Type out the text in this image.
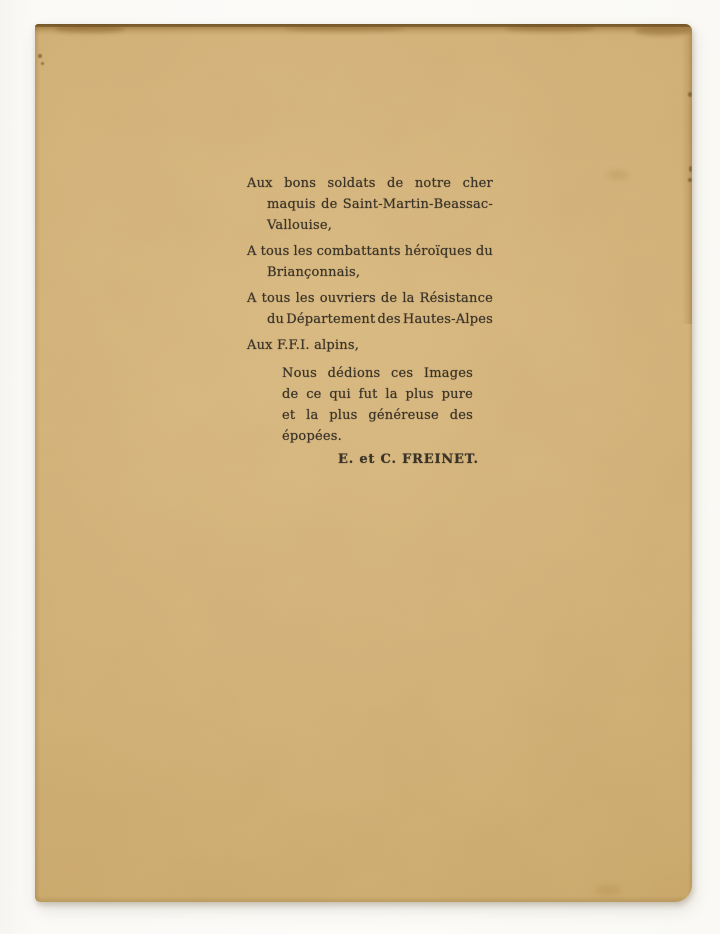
Aux bons soldats de notre cher
maquis de Saint-Martin-Beassac-
Vallouise,
A tous les combattants héroïques du
Briançonnais,
A tous les ouvriers de la Résistance
du Département des Hautes-Alpes
Aux F.F.I. alpins,
Nous dédions ces Images
de ce qui fut la plus pure
et la plus généreuse des
épopées.
E. et C. FREINET.
